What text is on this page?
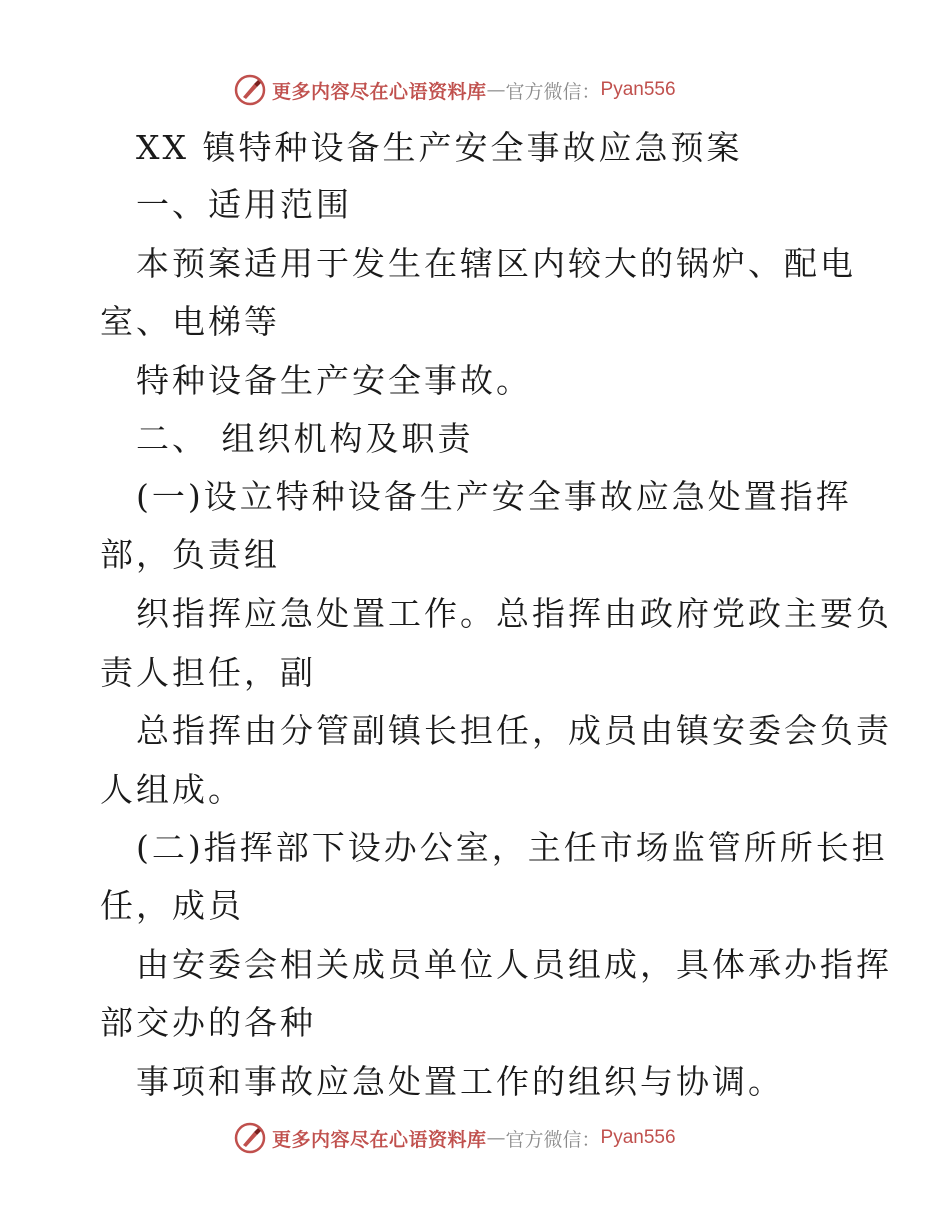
更多内容尽在心语资料库 — 官方微信： Pyan556
XX 镇特种设备生产安全事故应急预案
一、适用范围
本预案适用于发生在辖区内较大的锅炉、配电
室、电梯等
特种设备生产安全事故。
二、 组织机构及职责
(一)设立特种设备生产安全事故应急处置指挥
部，负责组
织指挥应急处置工作。总指挥由政府党政主要负
责人担任，副
总指挥由分管副镇长担任，成员由镇安委会负责
人组成。
(二)指挥部下设办公室，主任市场监管所所长担
任，成员
由安委会相关成员单位人员组成，具体承办指挥
部交办的各种
事项和事故应急处置工作的组织与协调。
更多内容尽在心语资料库 — 官方微信： Pyan556
